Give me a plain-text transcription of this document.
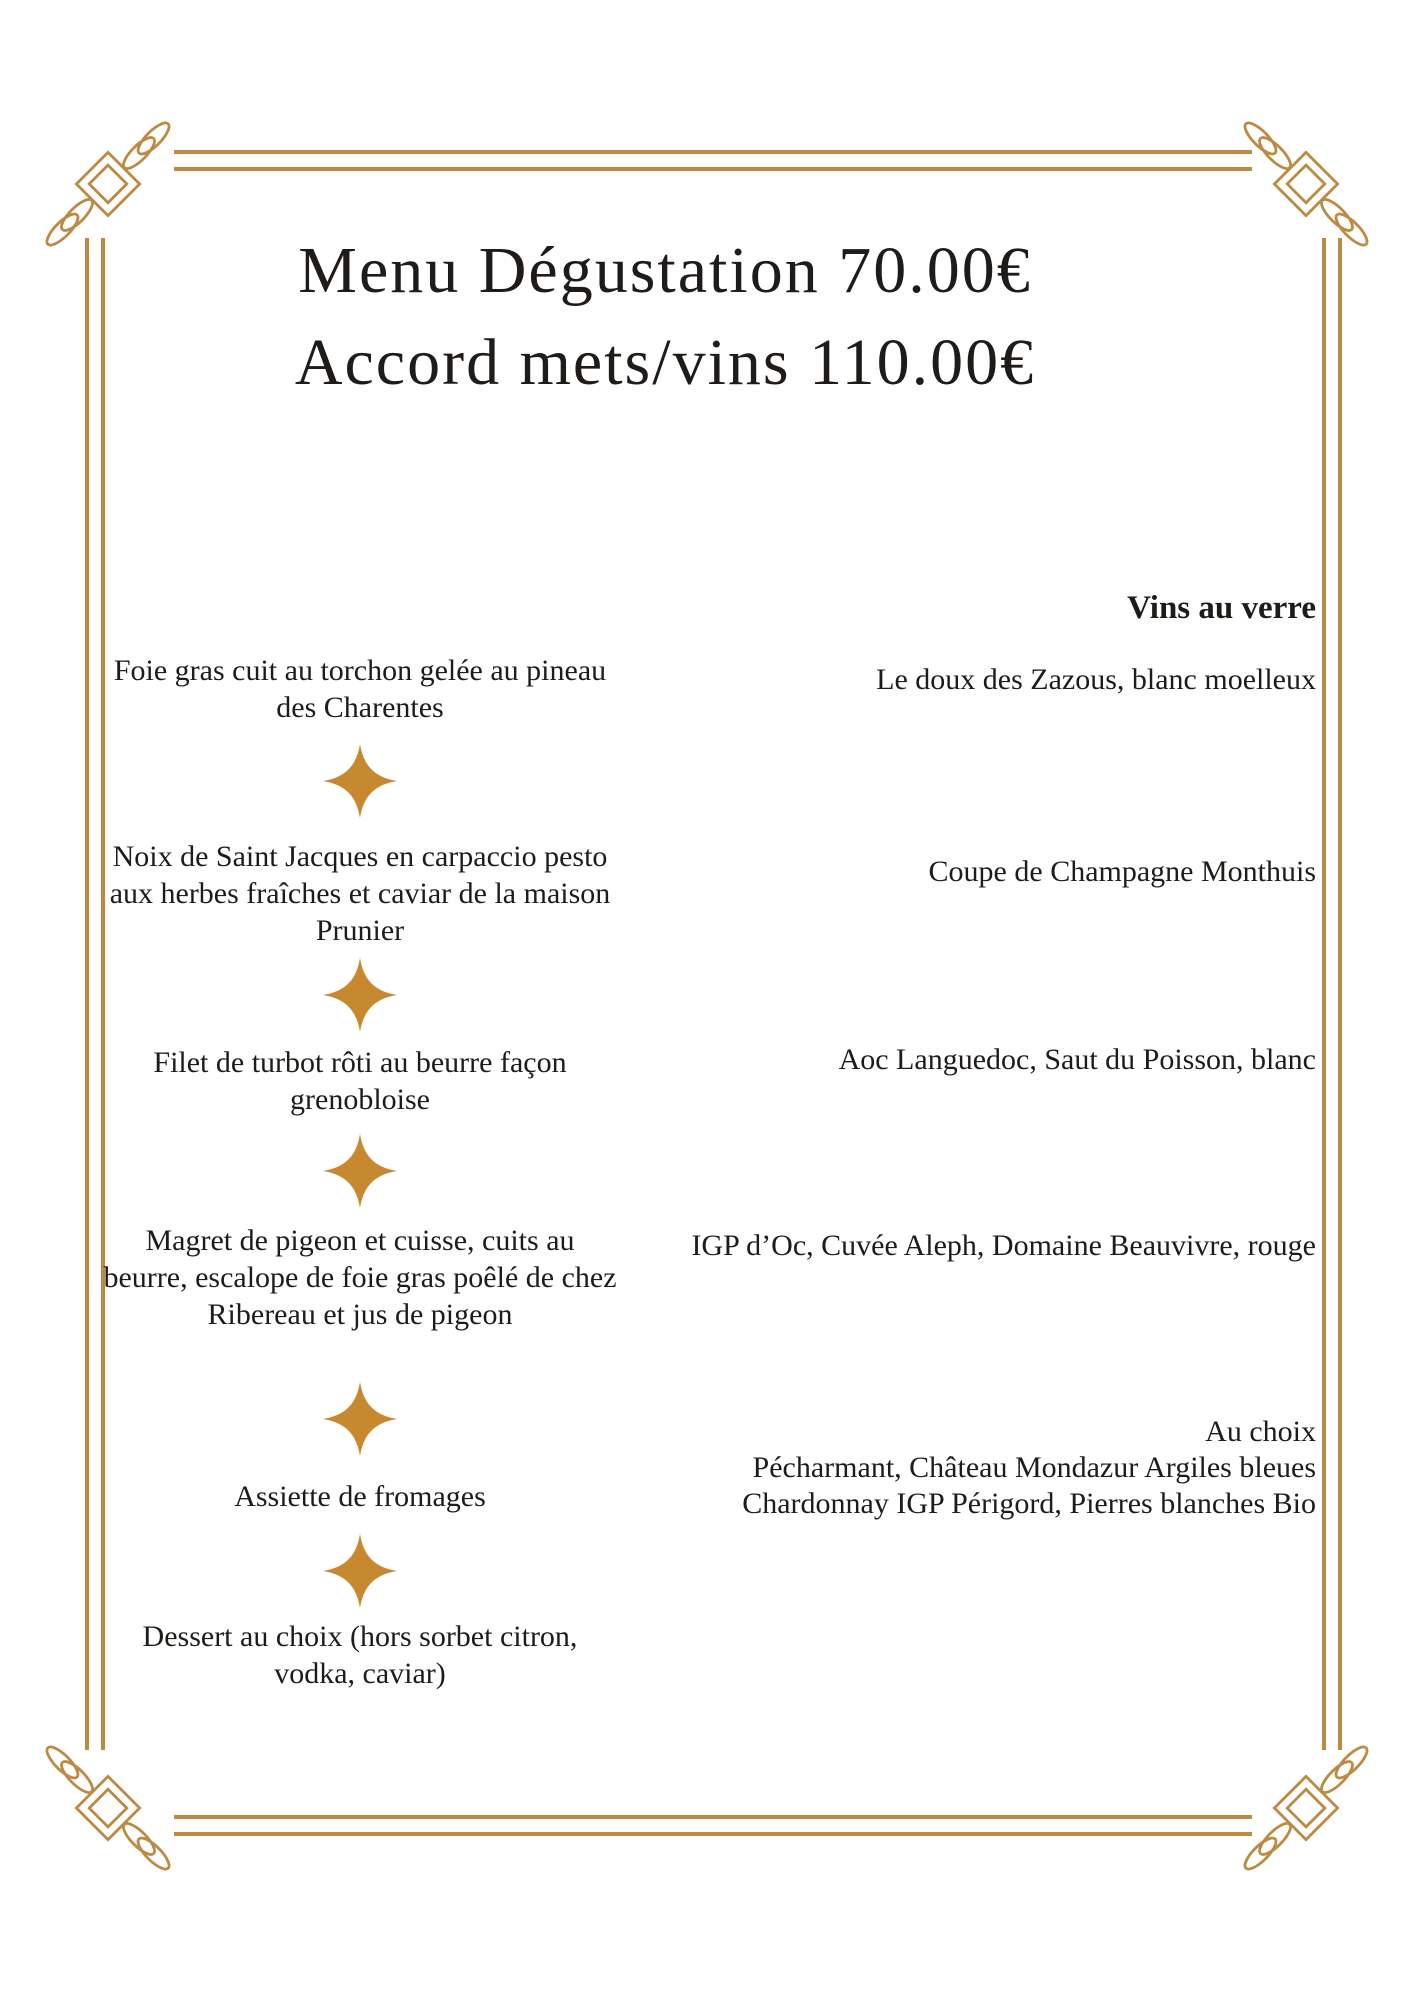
Menu Dégustation 70.00€
Accord mets/vins 110.00€
Vins au verre
Foie gras cuit au torchon gelée au pineau des Charentes
Noix de Saint Jacques en carpaccio pesto aux herbes fraîches et caviar de la maison Prunier
Filet de turbot rôti au beurre façon grenobloise
Magret de pigeon et cuisse, cuits au beurre, escalope de foie gras poêlé de chez Ribereau et jus de pigeon
Assiette de fromages
Dessert au choix (hors sorbet citron, vodka, caviar)
Le doux des Zazous, blanc moelleux
Coupe de Champagne Monthuis
Aoc Languedoc, Saut du Poisson, blanc
IGP d’Oc, Cuvée Aleph, Domaine Beauvivre, rouge
Au choix
Pécharmant, Château Mondazur Argiles bleues
Chardonnay IGP Périgord, Pierres blanches Bio
